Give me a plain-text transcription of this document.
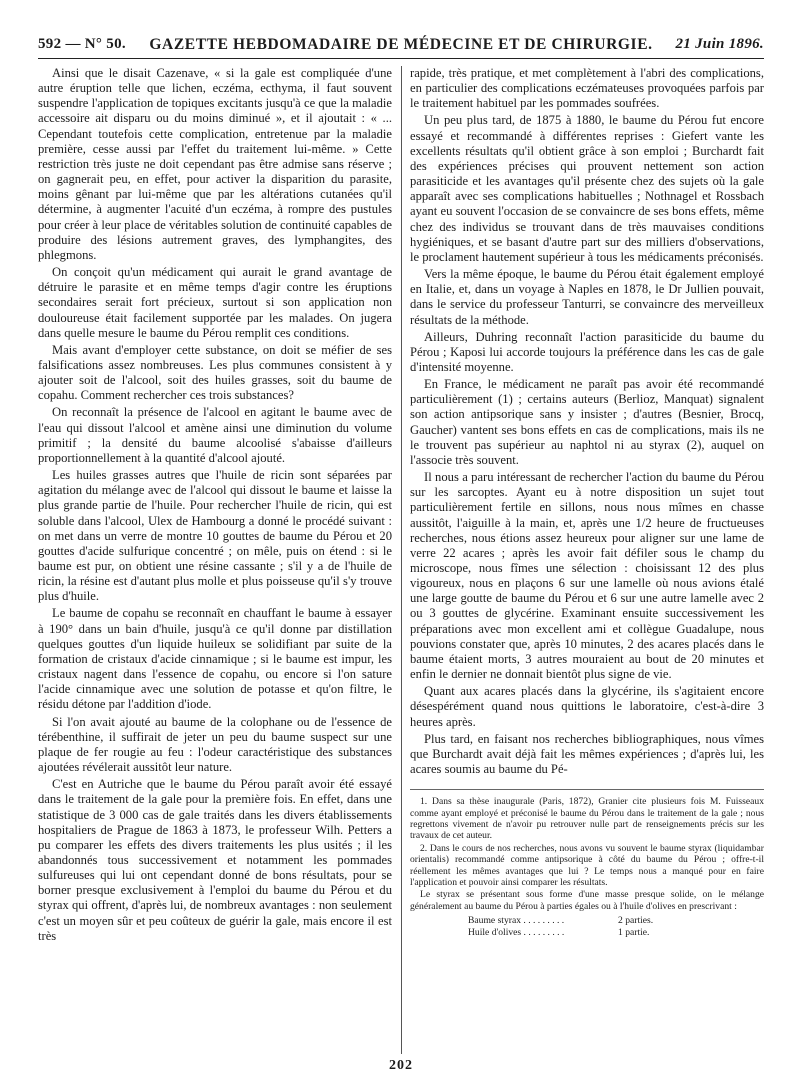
592 — N° 50.	GAZETTE HEBDOMADAIRE DE MÉDECINE ET DE CHIRURGIE.	21 Juin 1896.

Ainsi que le disait Cazenave, « si la gale est compliquée d'une autre éruption telle que lichen, eczéma, ecthyma, il faut souvent suspendre l'application de topiques excitants jusqu'à ce que la maladie accessoire ait disparu ou du moins diminué », et il ajoutait : « ... Cependant toutefois cette complication, entretenue par la maladie première, cesse aussi par l'effet du traitement lui-même. » Cette restriction très juste ne doit cependant pas être admise sans réserve ; on gagnerait peu, en effet, pour activer la disparition du parasite, moins gênant par lui-même que par les altérations cutanées qu'il détermine, à augmenter l'acuité d'un eczéma, à rompre des pustules pour créer à leur place de véritables solution de continuité capables de produire des lésions autrement graves, des lymphangites, des phlegmons.

On conçoit qu'un médicament qui aurait le grand avantage de détruire le parasite et en même temps d'agir contre les éruptions secondaires serait fort précieux, surtout si son application non douloureuse était facilement supportée par les malades. On jugera dans quelle mesure le baume du Pérou remplit ces conditions.

Mais avant d'employer cette substance, on doit se méfier de ses falsifications assez nombreuses. Les plus communes consistent à y ajouter soit de l'alcool, soit des huiles grasses, soit du baume de copahu. Comment rechercher ces trois substances?

On reconnaît la présence de l'alcool en agitant le baume avec de l'eau qui dissout l'alcool et amène ainsi une diminution du volume primitif ; la densité du baume alcoolisé s'abaisse d'ailleurs proportionnellement à la quantité d'alcool ajouté.

Les huiles grasses autres que l'huile de ricin sont séparées par agitation du mélange avec de l'alcool qui dissout le baume et laisse la plus grande partie de l'huile. Pour rechercher l'huile de ricin, qui est soluble dans l'alcool, Ulex de Hambourg a donné le procédé suivant : on met dans un verre de montre 10 gouttes de baume du Pérou et 20 gouttes d'acide sulfurique concentré ; on mêle, puis on étend : si le baume est pur, on obtient une résine cassante ; s'il y a de l'huile de ricin, la résine est d'autant plus molle et plus poisseuse qu'il s'y trouve plus d'huile.

Le baume de copahu se reconnaît en chauffant le baume à essayer à 190° dans un bain d'huile, jusqu'à ce qu'il donne par distillation quelques gouttes d'un liquide huileux se solidifiant par suite de la formation de cristaux d'acide cinnamique ; si le baume est impur, les cristaux nagent dans l'essence de copahu, ou encore si l'on sature l'acide cinnamique avec une solution de potasse et qu'on filtre, le résidu détone par l'addition d'iode.

Si l'on avait ajouté au baume de la colophane ou de l'essence de térébenthine, il suffirait de jeter un peu du baume suspect sur une plaque de fer rougie au feu : l'odeur caractéristique des substances ajoutées révélerait aussitôt leur nature.

C'est en Autriche que le baume du Pérou paraît avoir été essayé dans le traitement de la gale pour la première fois. En effet, dans une statistique de 3 000 cas de gale traités dans les divers établissements hospitaliers de Prague de 1863 à 1873, le professeur Wilh. Petters a pu comparer les effets des divers traitements les plus usités ; il les abandonnés tous successivement et notamment les pommades sulfureuses qui lui ont cependant donné de bons résultats, pour se borner presque exclusivement à l'emploi du baume du Pérou et du styrax qui offrent, d'après lui, de nombreux avantages : non seulement c'est un moyen sûr et peu coûteux de guérir la gale, mais encore il est très

rapide, très pratique, et met complètement à l'abri des complications, en particulier des complications eczémateuses provoquées parfois par le traitement habituel par les pommades soufrées.

Un peu plus tard, de 1875 à 1880, le baume du Pérou fut encore essayé et recommandé à différentes reprises : Giefert vante les excellents résultats qu'il obtient grâce à son emploi ; Burchardt fait des expériences précises qui prouvent nettement son action parasiticide et les avantages qu'il présente chez des sujets où la gale apparaît avec ses complications habituelles ; Nothnagel et Rossbach ayant eu souvent l'occasion de se convaincre de ses bons effets, même chez des individus se trouvant dans de très mauvaises conditions hygiéniques, et se basant d'autre part sur des milliers d'observations, le proclament hautement supérieur à tous les médicaments préconisés.

Vers la même époque, le baume du Pérou était également employé en Italie, et, dans un voyage à Naples en 1878, le Dr Jullien pouvait, dans le service du professeur Tanturri, se convaincre des merveilleux résultats de la méthode.

Ailleurs, Duhring reconnaît l'action parasiticide du baume du Pérou ; Kaposi lui accorde toujours la préférence dans les cas de gale d'intensité moyenne.

En France, le médicament ne paraît pas avoir été recommandé particulièrement (1) ; certains auteurs (Berlioz, Manquat) signalent son action antipsorique sans y insister ; d'autres (Besnier, Brocq, Gaucher) vantent ses bons effets en cas de complications, mais ils ne le trouvent pas supérieur au naphtol ni au styrax (2), auquel on l'associe très souvent.

Il nous a paru intéressant de rechercher l'action du baume du Pérou sur les sarcoptes. Ayant eu à notre disposition un sujet tout particulièrement fertile en sillons, nous nous mîmes en chasse aussitôt, l'aiguille à la main, et, après une 1/2 heure de fructueuses recherches, nous étions assez heureux pour aligner sur une lame de verre 22 acares ; après les avoir fait défiler sous le champ du microscope, nous fîmes une sélection : choisissant 12 des plus vigoureux, nous en plaçons 6 sur une lamelle où nous avions étalé une large goutte de baume du Pérou et 6 sur une autre lamelle avec 2 ou 3 gouttes de glycérine. Examinant ensuite successivement les préparations avec mon excellent ami et collègue Guadalupe, nous pouvions constater que, après 10 minutes, 2 des acares placés dans le baume étaient morts, 3 autres mouraient au bout de 20 minutes et enfin le dernier ne donnait bientôt plus signe de vie.

Quant aux acares placés dans la glycérine, ils s'agitaient encore désespérément quand nous quittions le laboratoire, c'est-à-dire 3 heures après.

Plus tard, en faisant nos recherches bibliographiques, nous vîmes que Burchardt avait déjà fait les mêmes expériences ; d'après lui, les acares soumis au baume du Pé-

1. Dans sa thèse inaugurale (Paris, 1872), Granier cite plusieurs fois M. Fuisseaux comme ayant employé et préconisé le baume du Pérou dans le traitement de la gale ; nous regrettons vivement de n'avoir pu retrouver nulle part de renseignements précis sur les travaux de cet auteur.

2. Dans le cours de nos recherches, nous avons vu souvent le baume styrax (liquidambar orientalis) recommandé comme antipsorique à côté du baume du Pérou ; offre-t-il réellement les mêmes avantages que lui ? Le temps nous a manqué pour en faire l'application et pouvoir ainsi comparer les résultats.

Le styrax se présentant sous forme d'une masse presque solide, on le mélange généralement au baume du Pérou à parties égales ou à l'huile d'olives en prescrivant :

Baume styrax . . . . . . . . .	2 parties.
Huile d'olives . . . . . . . . .	1 partie.
202
